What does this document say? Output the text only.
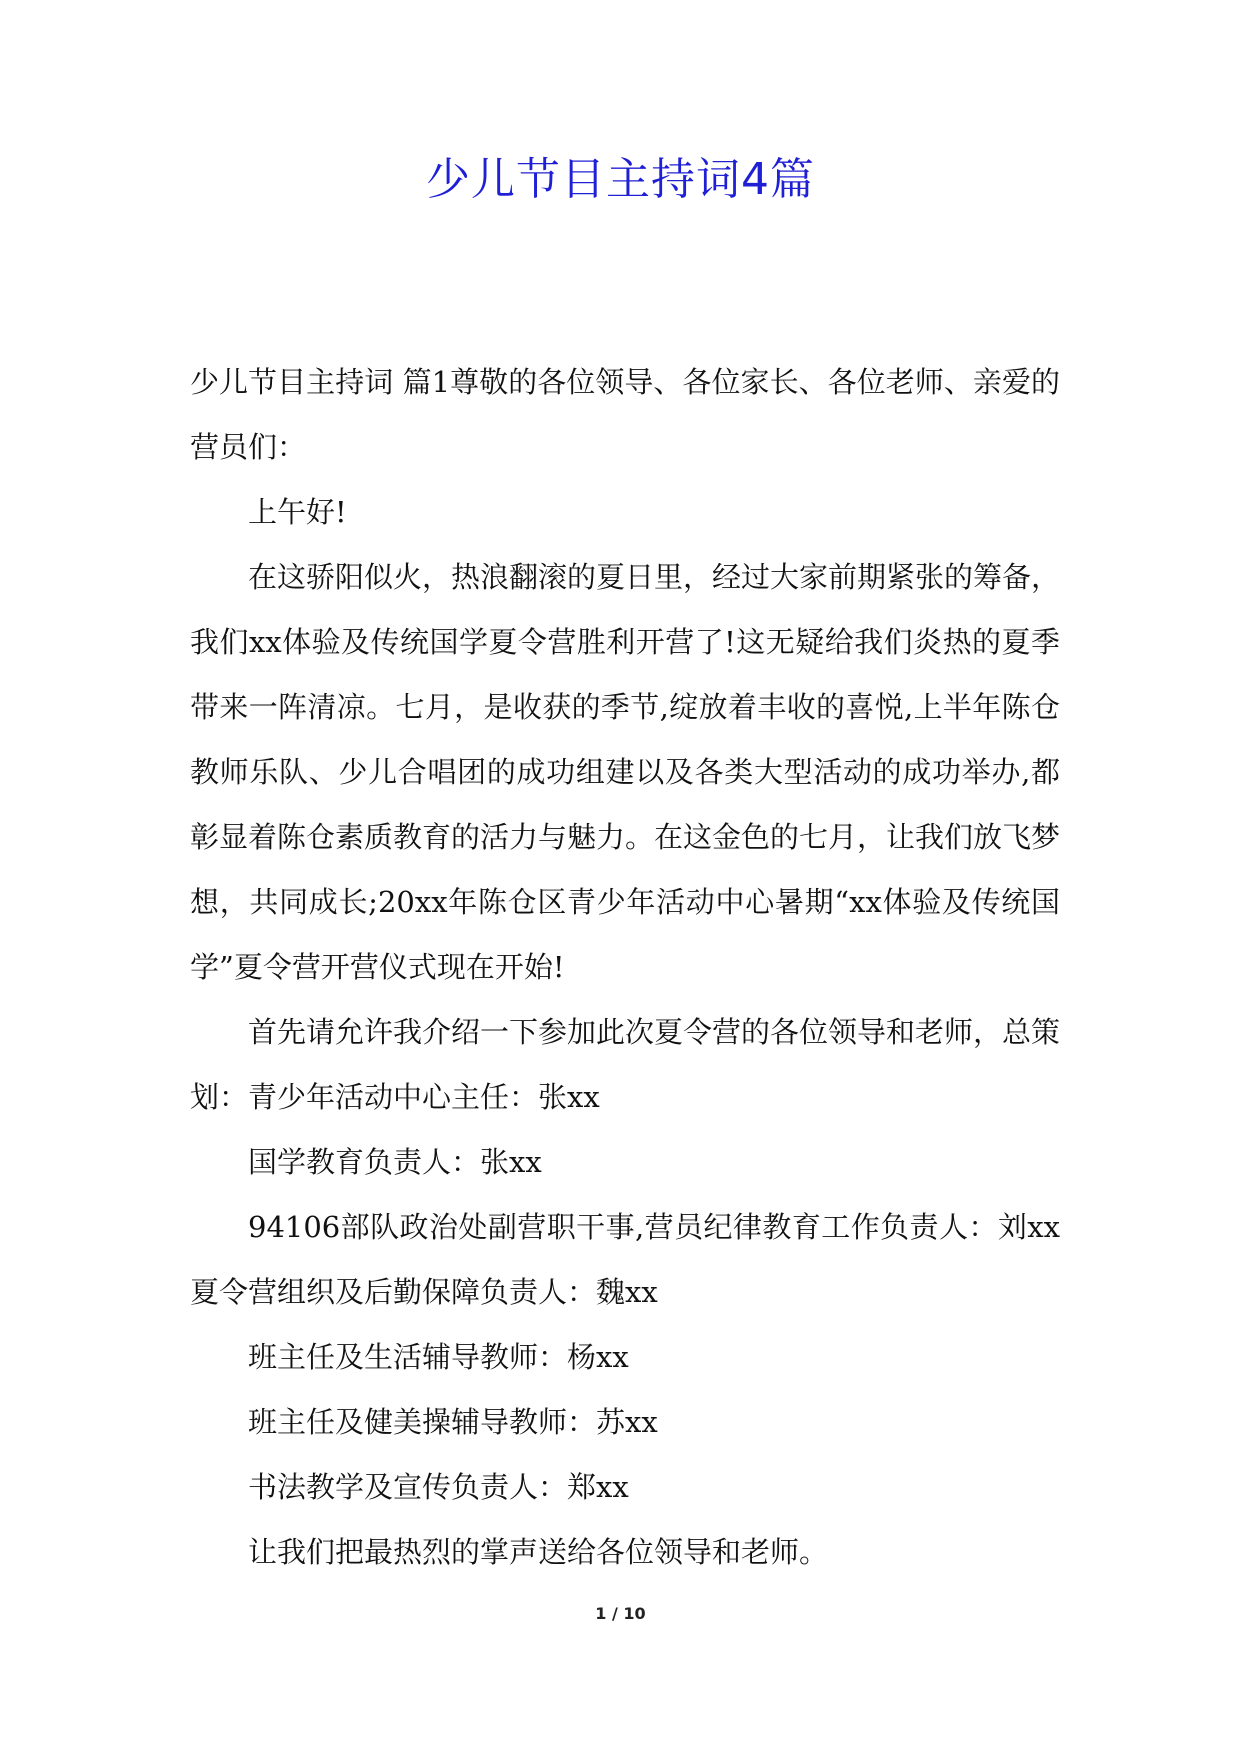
少儿节目主持词4篇

少儿节目主持词 篇1尊敬的各位领导、各位家长、各位老师、亲爱的营员们：

上午好!

在这骄阳似火，热浪翻滚的夏日里，经过大家前期紧张的筹备，我们xx体验及传统国学夏令营胜利开营了!这无疑给我们炎热的夏季带来一阵清凉。七月，是收获的季节,绽放着丰收的喜悦,上半年陈仓教师乐队、少儿合唱团的成功组建以及各类大型活动的成功举办,都彰显着陈仓素质教育的活力与魅力。在这金色的七月，让我们放飞梦想，共同成长;20xx年陈仓区青少年活动中心暑期“xx体验及传统国学”夏令营开营仪式现在开始!

首先请允许我介绍一下参加此次夏令营的各位领导和老师，总策划：青少年活动中心主任：张xx

国学教育负责人：张xx

94106部队政治处副营职干事,营员纪律教育工作负责人：刘xx夏令营组织及后勤保障负责人：魏xx

班主任及生活辅导教师：杨xx

班主任及健美操辅导教师：苏xx

书法教学及宣传负责人：郑xx

让我们把最热烈的掌声送给各位领导和老师。

1 / 10
